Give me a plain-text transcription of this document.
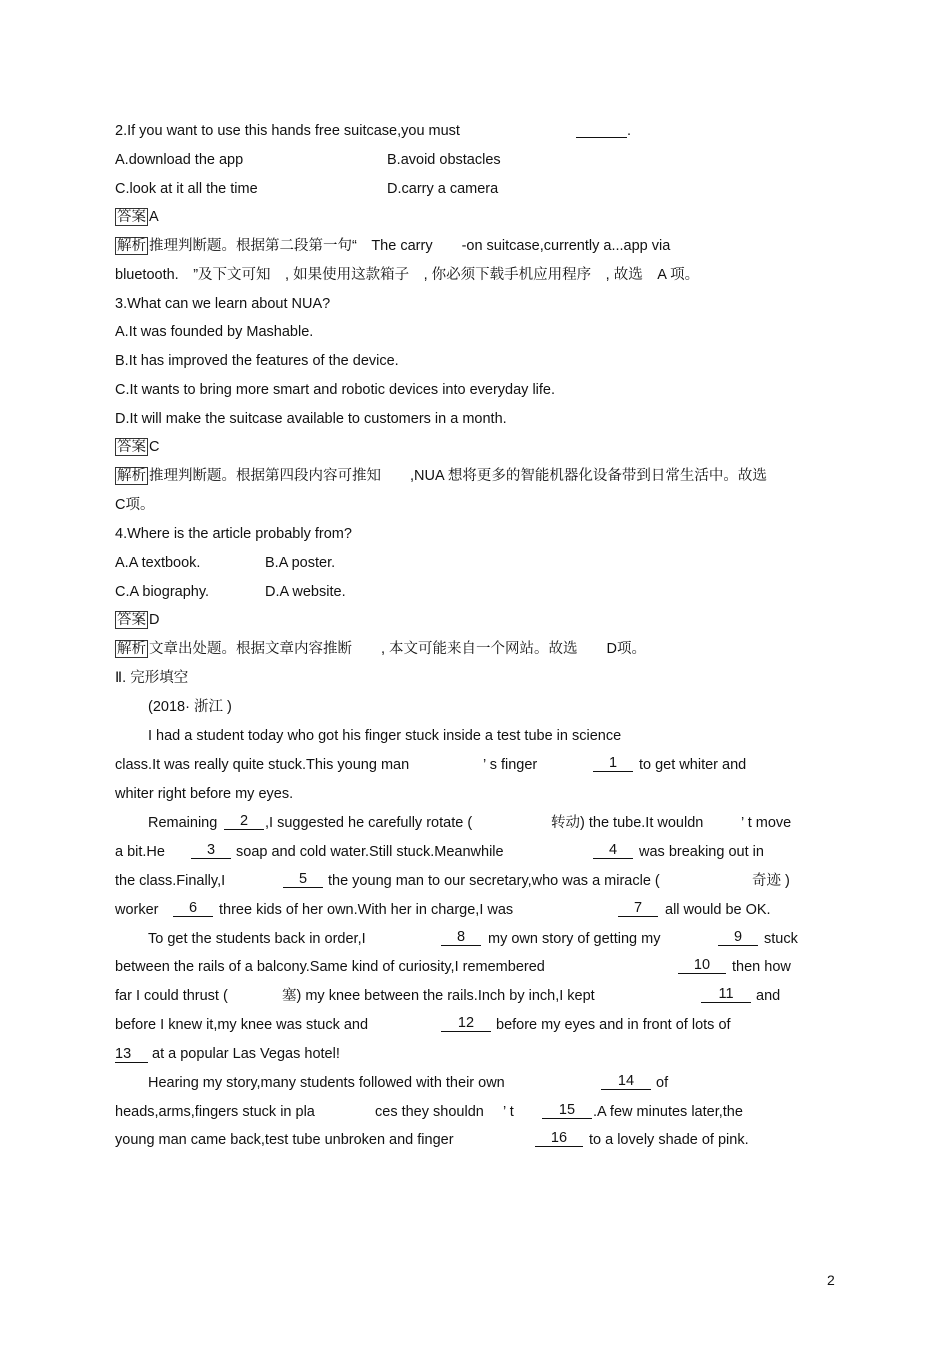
2.If you want to use this hands free suitcase,you must
	.
A.download the app	B.avoid obstacles
C.look at it all the time	D.carry a camera
答案 A
解析 推理判断题。根据第二段第一句“　The carry　　-on suitcase,currently a...app via
bluetooth.　”及下文可知　, 如果使用这款箱子　, 你必须下载手机应用程序　, 故选　A 项。
3.What can we learn about NUA?
A.It was founded by Mashable.
B.It has improved the features of the device.
C.It wants to bring more smart and robotic devices into everyday life.
D.It will make the suitcase available to customers in a month.
答案 C
解析 推理判断题。根据第四段内容可推知　　,NUA 想将更多的智能机器化设备带到日常生活中。故选
C项。
4.Where is the article probably from?
A.A textbook.	B.A poster.
C.A biography.	D.A website.
答案 D
解析 文章出处题。根据文章内容推断　　, 本文可能来自一个网站。故选　　D项。
Ⅱ. 完形填空
(2018· 浙江 )
I had a student today who got his finger stuck inside a test tube in science
class.It was really quite stuck.This young man	’ s finger	1	to get whiter and
whiter right before my eyes.
Remaining	2	,I suggested he carefully rotate (	转动) the tube.It wouldn	’ t move
a bit.He	3	soap and cold water.Still stuck.Meanwhile	4	was breaking out in
the class.Finally,I	5	the young man to our secretary,who was a miracle (	奇迹 )
worker	6	three kids of her own.With her in charge,I was	7	all would be OK.
To get the students back in order,I	8	my own story of getting my	9	stuck
between the rails of a balcony.Same kind of curiosity,I remembered	10	then how
far I could thrust (	塞) my knee between the rails.Inch by inch,I kept	11	and
before I knew it,my knee was stuck and	12	before my eyes and in front of lots of
13 at a popular Las Vegas hotel!
Hearing my story,many students followed with their own	14	of
heads,arms,fingers stuck in pla	ces they shouldn ’ t	15	.A few minutes later,the
young man came back,test tube unbroken and finger	16	to a lovely shade of pink.
2
